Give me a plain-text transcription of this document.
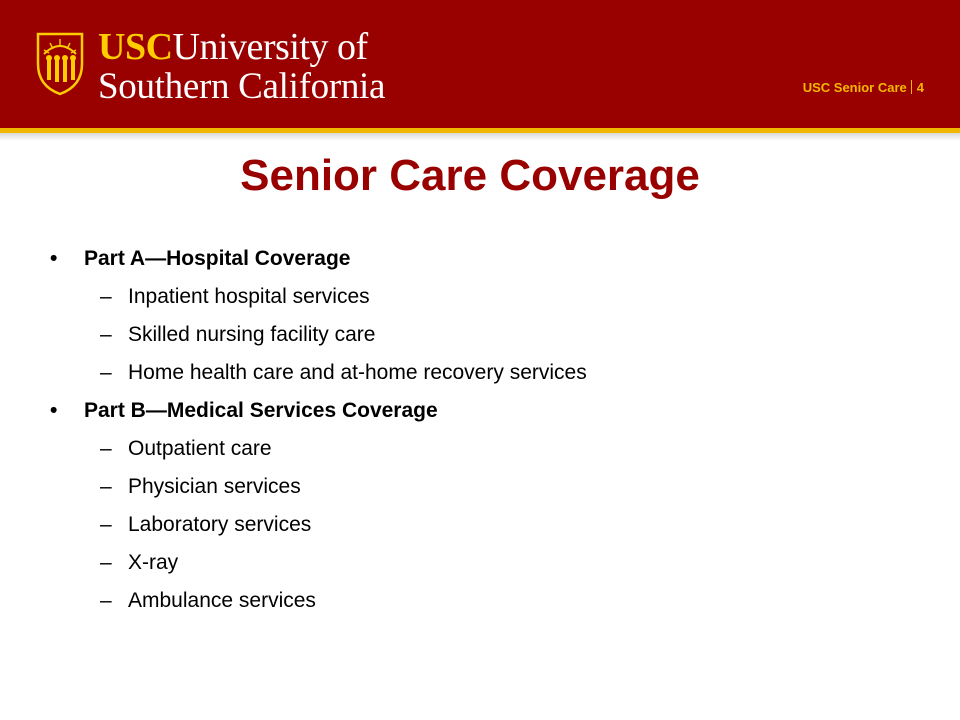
USCUniversity of
Southern California	USC Senior Care 4
Senior Care Coverage
• Part A—Hospital Coverage
– Inpatient hospital services
– Skilled nursing facility care
– Home health care and at-home recovery services
• Part B—Medical Services Coverage
– Outpatient care
– Physician services
– Laboratory services
– X-ray
– Ambulance services
